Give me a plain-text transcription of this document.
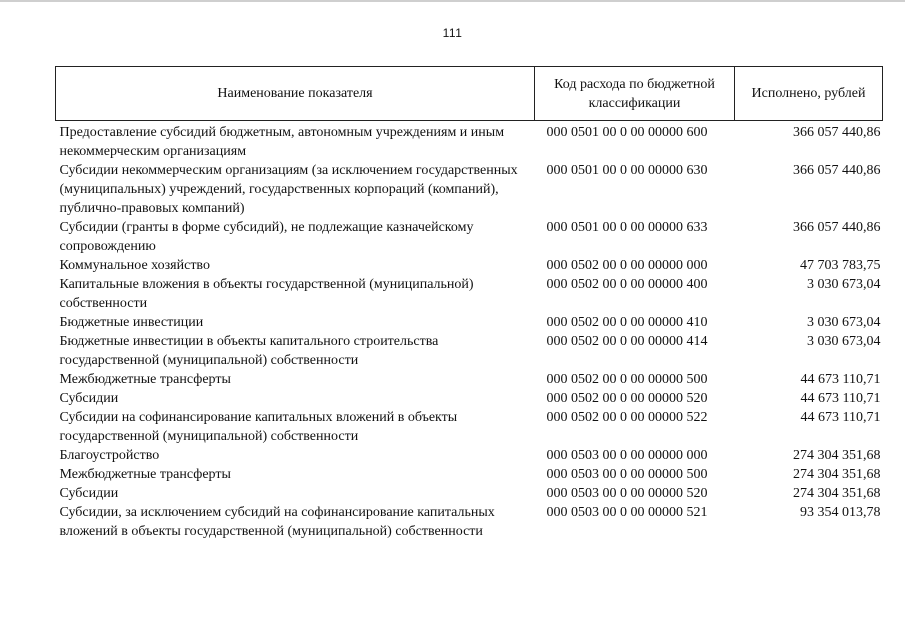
111
Наименование показателя	Код расхода по бюджетной классификации	Исполнено, рублей
Предоставление субсидий бюджетным, автономным учреждениям и иным некоммерческим организациям	000 0501 00 0 00 00000 600	366 057 440,86
Субсидии некоммерческим организациям (за исключением государственных (муниципальных) учреждений, государственных корпораций (компаний), публично-правовых компаний)	000 0501 00 0 00 00000 630	366 057 440,86
Субсидии (гранты в форме субсидий), не подлежащие казначейскому сопровождению	000 0501 00 0 00 00000 633	366 057 440,86
Коммунальное хозяйство	000 0502 00 0 00 00000 000	47 703 783,75
Капитальные вложения в объекты государственной (муниципальной) собственности	000 0502 00 0 00 00000 400	3 030 673,04
Бюджетные инвестиции	000 0502 00 0 00 00000 410	3 030 673,04
Бюджетные инвестиции в объекты капитального строительства государственной (муниципальной) собственности	000 0502 00 0 00 00000 414	3 030 673,04
Межбюджетные трансферты	000 0502 00 0 00 00000 500	44 673 110,71
Субсидии	000 0502 00 0 00 00000 520	44 673 110,71
Субсидии на софинансирование капитальных вложений в объекты государственной (муниципальной) собственности	000 0502 00 0 00 00000 522	44 673 110,71
Благоустройство	000 0503 00 0 00 00000 000	274 304 351,68
Межбюджетные трансферты	000 0503 00 0 00 00000 500	274 304 351,68
Субсидии	000 0503 00 0 00 00000 520	274 304 351,68
Субсидии, за исключением субсидий на софинансирование капитальных вложений в объекты государственной (муниципальной) собственности	000 0503 00 0 00 00000 521	93 354 013,78
